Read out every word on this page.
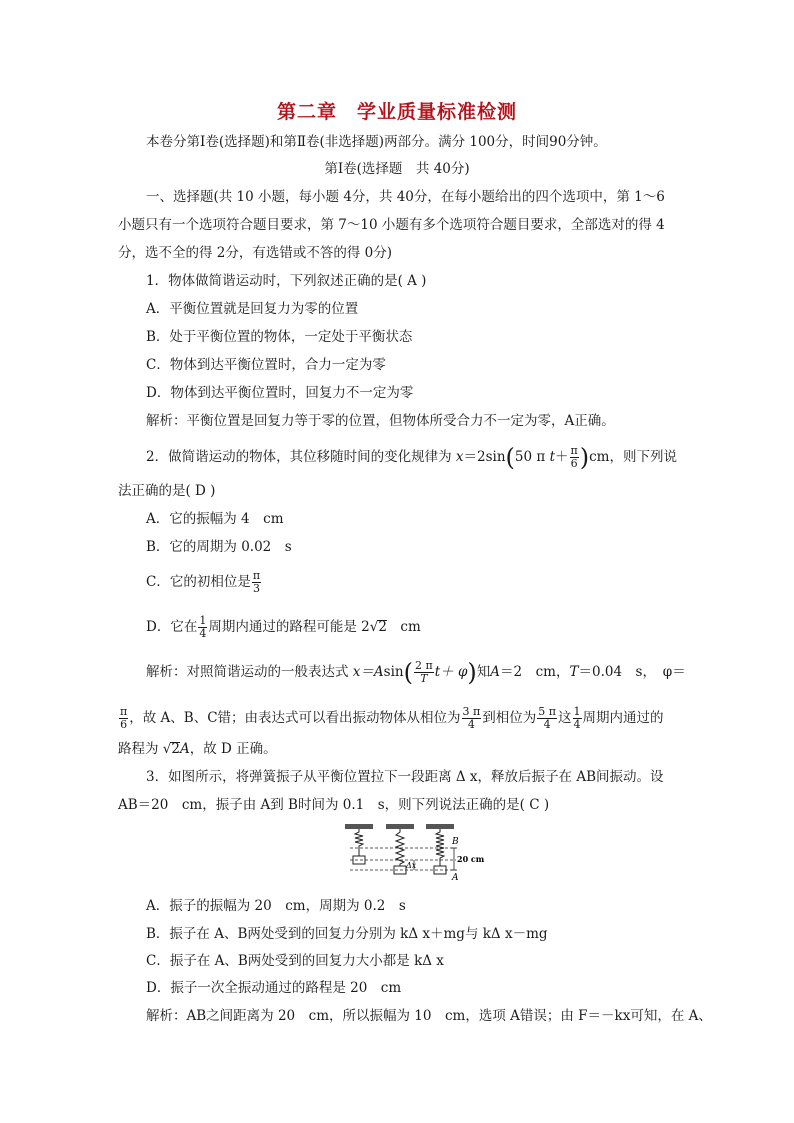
第二章　学业质量标准检测
本卷分第Ⅰ卷(选择题)和第Ⅱ卷(非选择题)两部分。满分 100分，时间90分钟。
第Ⅰ卷(选择题　共 40分)
一、选择题(共 10 小题，每小题 4分，共 40分，在每小题给出的四个选项中，第 1～6
小题只有一个选项符合题目要求，第 7～10 小题有多个选项符合题目要求，全部选对的得 4
分，选不全的得 2分，有选错或不答的得 0分)
1．物体做简谐运动时，下列叙述正确的是( A )
A．平衡位置就是回复力为零的位置
B．处于平衡位置的物体，一定处于平衡状态
C．物体到达平衡位置时，合力一定为零
D．物体到达平衡位置时，回复力不一定为零
解析：平衡位置是回复力等于零的位置，但物体所受合力不一定为零，A正确。
2．做简谐运动的物体，其位移随时间的变化规律为 x＝2sin(50 π $t+ \frac{\pi}{6} )cm$，则下列说
法正确的是( D )
A．它的振幅为 4　cm
B．它的周期为 0.02　s
C．它的初相位是 $\frac{\pi}{3}$
D．它在 $\frac{1}{4}$ 周期内通过的路程可能是 2√2　cm
解析：对照简谐运动的一般表达式 $x=Asin( \frac{2 \pi}{T} t+ \varphi)$知A＝2　cm，T＝0.04　s，　φ＝
$\frac{\pi}{6}$ ，故 A、B、C错；由表达式可以看出振动物体从相位为 $\frac{3 \pi}{4}$ 到相位为 $\frac{5 \pi}{4}$ 这 $\frac{1}{4}$ 周期内通过的
路程为 √2A，故 D 正确。
3．如图所示，将弹簧振子从平衡位置拉下一段距离 Δ x，释放后振子在 AB间振动。设
AB＝20　cm，振子由 A到 B时间为 0.1　s，则下列说法正确的是( C )
B
A
20 cm
Δx
A．振子的振幅为 20　cm，周期为 0.2　s
B．振子在 A、B两处受到的回复力分别为 kΔ x＋mg与 kΔ x－mg
C．振子在 A、B两处受到的回复力大小都是 kΔ x
D．振子一次全振动通过的路程是 20　cm
解析：AB之间距离为 20　cm，所以振幅为 10　cm，选项 A错误；由 F＝－kx可知，在 A、
